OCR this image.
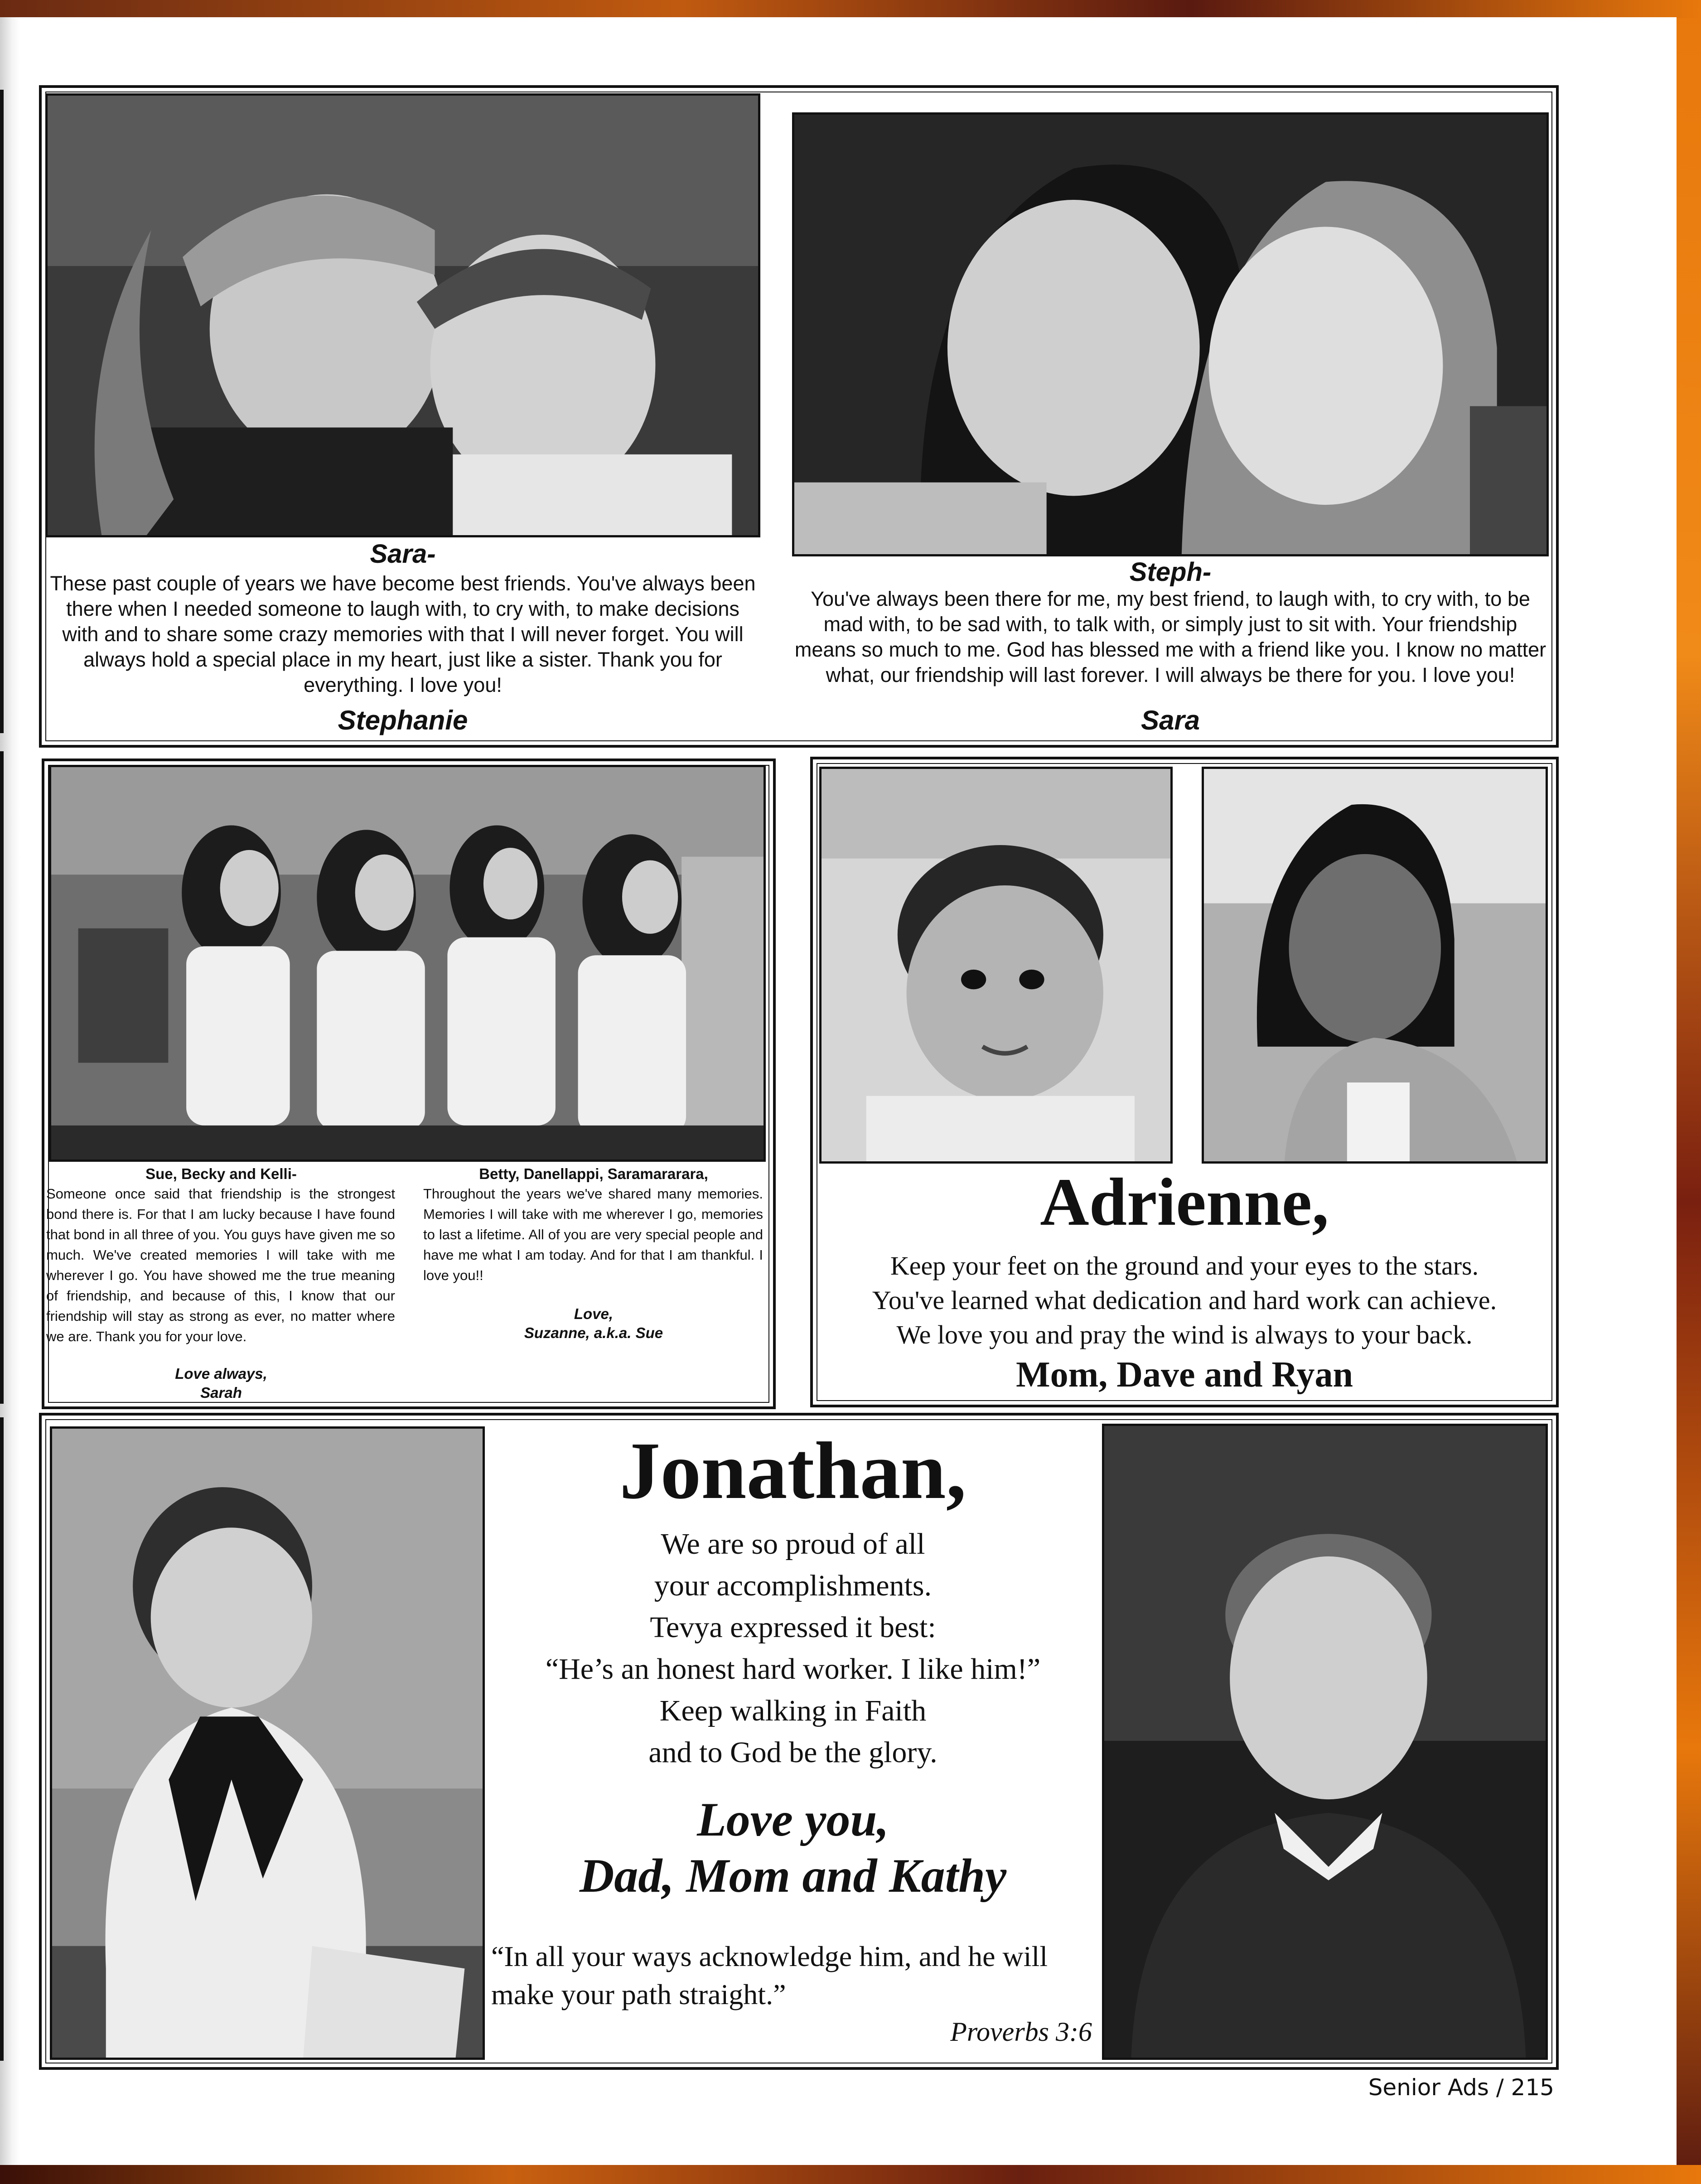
Sara-
These past couple of years we have become best friends. You've always been there when I needed someone to laugh with, to cry with, to make decisions with and to share some crazy memories with that I will never forget. You will always hold a special place in my heart, just like a sister. Thank you for everything. I love you!
Stephanie
Steph-
You've always been there for me, my best friend, to laugh with, to cry with, to be mad with, to be sad with, to talk with, or simply just to sit with. Your friendship means so much to me. God has blessed me with a friend like you. I know no matter what, our friendship will last forever. I will always be there for you. I love you!
Sara
Sue, Becky and Kelli-
Someone once said that friendship is the strongest bond there is. For that I am lucky because I have found that bond in all three of you. You guys have given me so much. We've created memories I will take with me wherever I go. You have showed me the true meaning of friendship, and because of this, I know that our friendship will stay as strong as ever, no matter where we are. Thank you for your love.
Love always,
Sarah
Betty, Danellappi, Saramararara,
Throughout the years we've shared many memories. Memories I will take with me wherever I go, memories to last a lifetime. All of you are very special people and have me what I am today. And for that I am thankful. I love you!!
Love,
Suzanne, a.k.a. Sue
Adrienne,
Keep your feet on the ground and your eyes to the stars.
You've learned what dedication and hard work can achieve.
We love you and pray the wind is always to your back.
Mom, Dave and Ryan
Jonathan,
We are so proud of all
your accomplishments.
Tevya expressed it best:
“He’s an honest hard worker. I like him!”
Keep walking in Faith
and to God be the glory.
Love you,
Dad, Mom and Kathy
“In all your ways acknowledge him, and he will make your path straight.”
Proverbs 3:6
Senior Ads / 215
